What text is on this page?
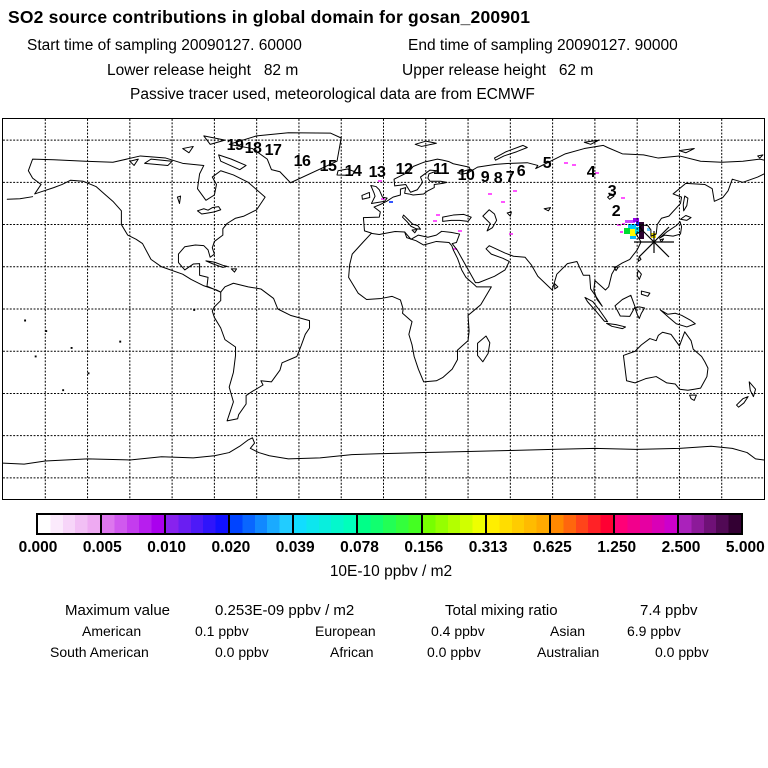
SO2 source contributions in global domain for gosan_200901
Start time of sampling 20090127. 60000	End time of sampling 20090127. 90000
Lower release height   82 m	Upper release height   62 m
Passive tracer used, meteorological data are from ECMWF
19 18 17
16 15 14 13 12 11 10 9 8 7 6 5
4
3
2
0.000 0.005 0.010 0.020 0.039 0.078 0.156 0.313 0.625 1.250 2.500 5.000
10E-10 ppbv / m2
Maximum value	0.253E-09 ppbv / m2	Total mixing ratio	7.4 ppbv
American	0.1 ppbv	European	0.4 ppbv	Asian	6.9 ppbv
South American	0.0 ppbv	African	0.0 ppbv	Australian	0.0 ppbv
